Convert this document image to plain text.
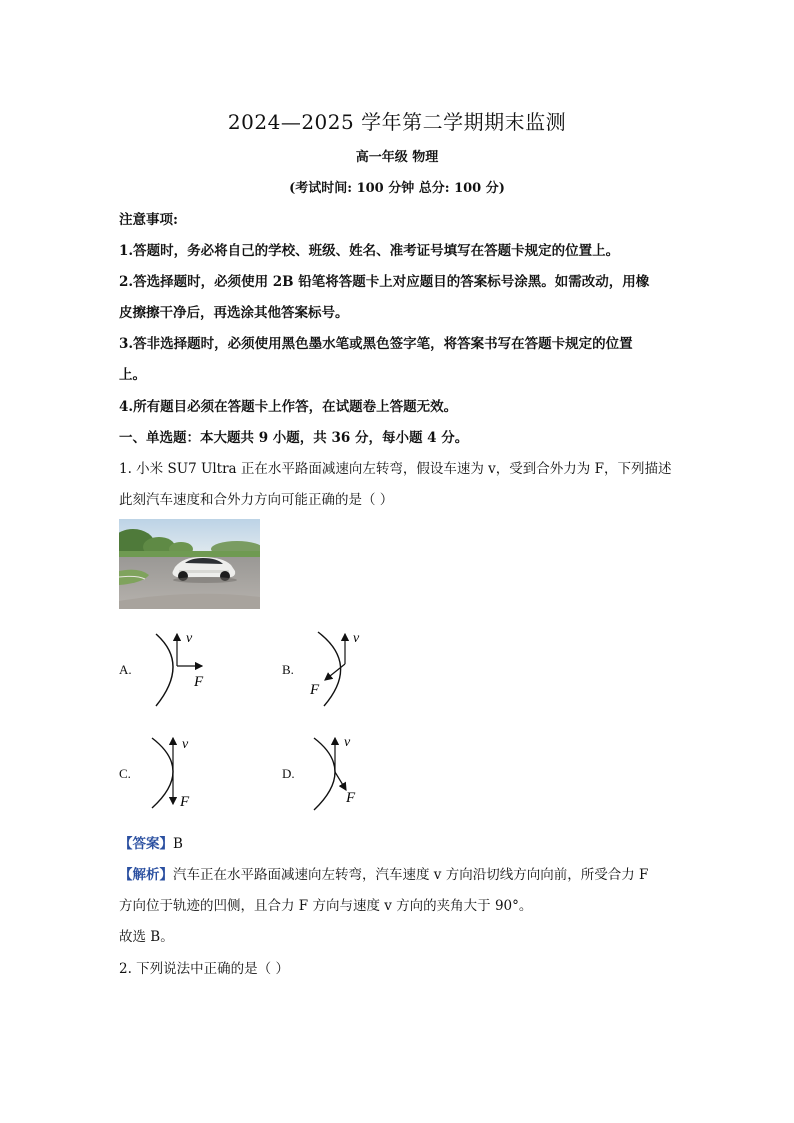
2024—2025 学年第二学期期末监测
高一年级 物理
(考试时间: 100 分钟 总分: 100 分)
注意事项:
1.答题时，务必将自己的学校、班级、姓名、准考证号填写在答题卡规定的位置上。
2.答选择题时，必须使用 2B 铅笔将答题卡上对应题目的答案标号涂黑。如需改动，用橡
皮擦擦干净后，再选涂其他答案标号。
3.答非选择题时，必须使用黑色墨水笔或黑色签字笔，将答案书写在答题卡规定的位置
上。
4.所有题目必须在答题卡上作答，在试题卷上答题无效。
一、单选题：本大题共 9 小题，共 36 分，每小题 4 分。
1. 小米 SU7 Ultra 正在水平路面减速向左转弯，假设车速为 v，受到合外力为 F，下列描述
此刻汽车速度和合外力方向可能正确的是（ ）
A.
v
F
B.
v
F
C.
v
F
D.
v
F
【答案】B
【解析】汽车正在水平路面减速向左转弯，汽车速度 v 方向沿切线方向向前，所受合力 F
方向位于轨迹的凹侧，且合力 F 方向与速度 v 方向的夹角大于 90°。
故选 B。
2. 下列说法中正确的是（ ）
